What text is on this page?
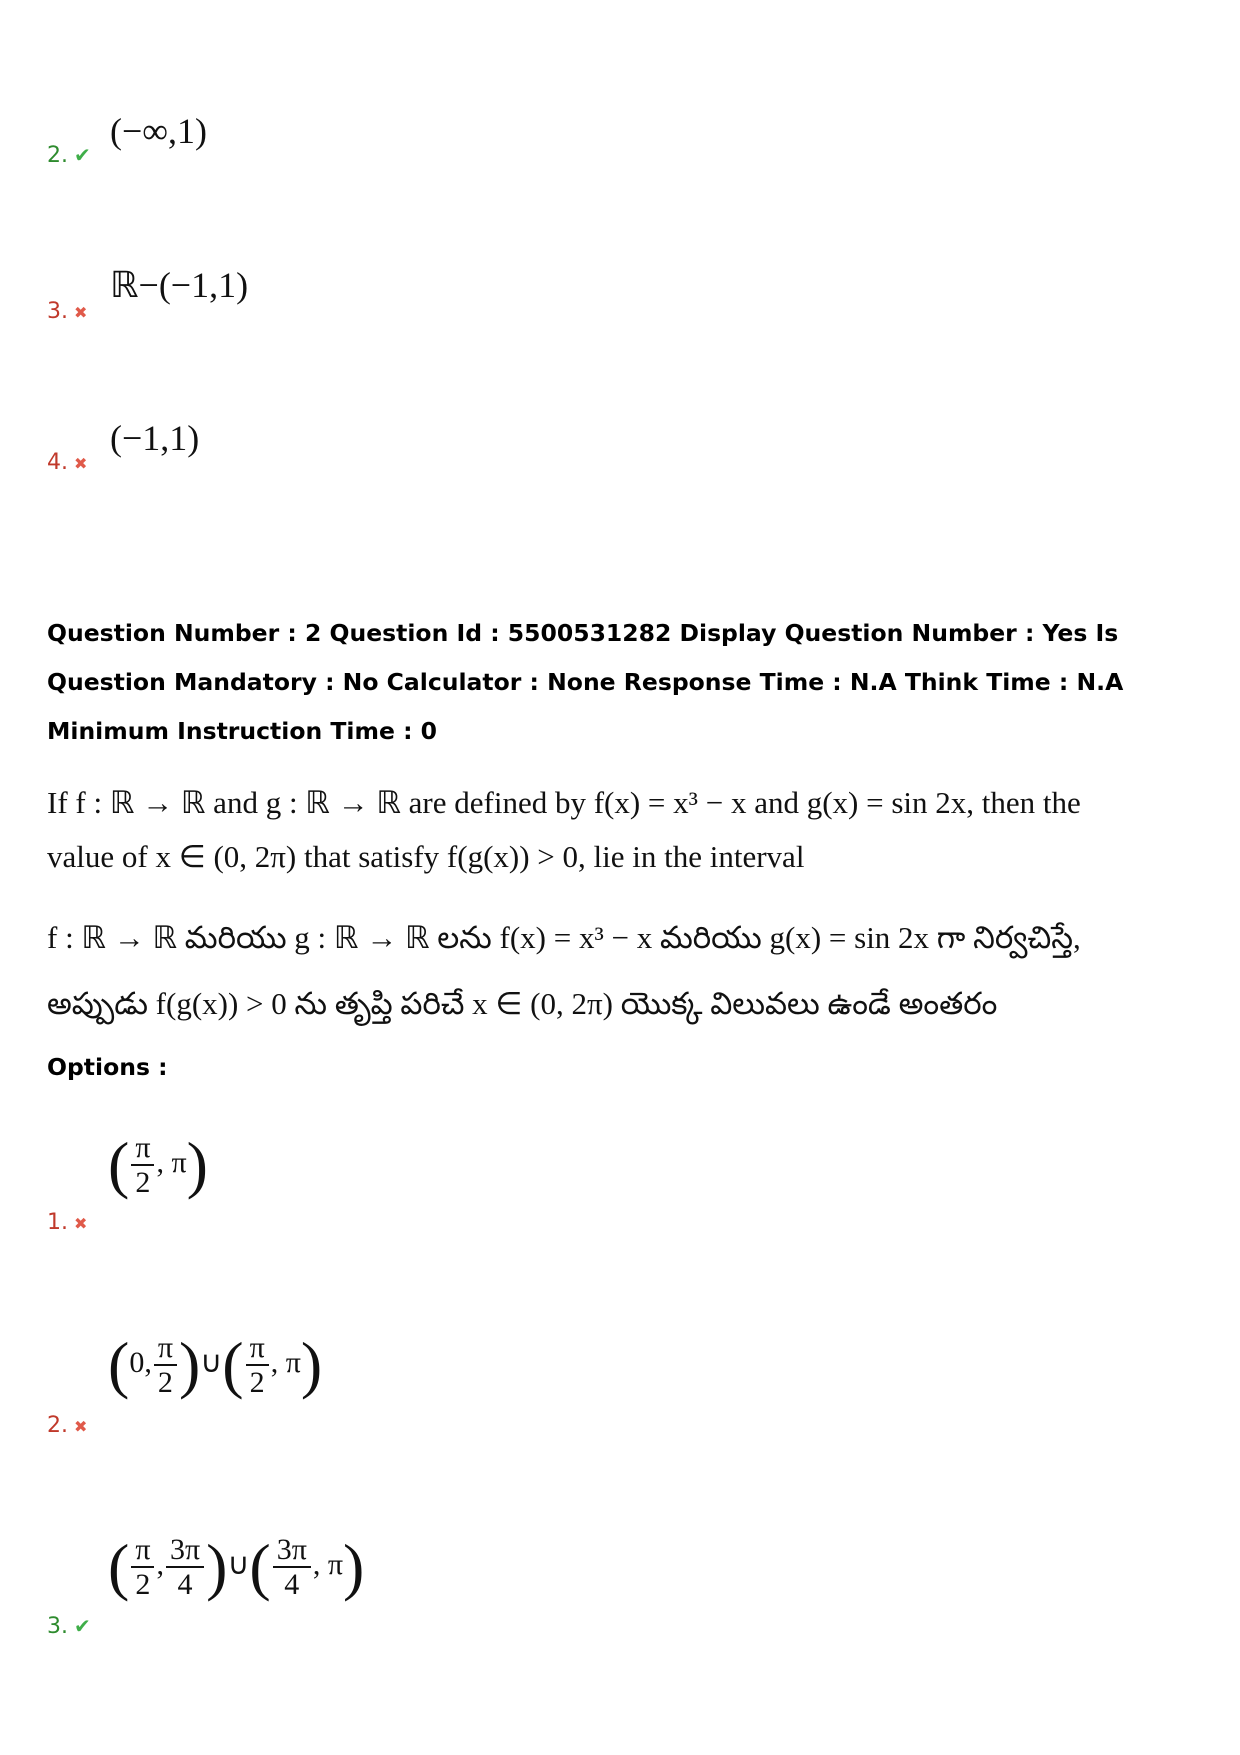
2. ✔
(−∞,1)
3. ✖
ℝ−(−1,1)
4. ✖
(−1,1)
Question Number : 2 Question Id : 5500531282 Display Question Number : Yes Is Question Mandatory : No Calculator : None Response Time : N.A Think Time : N.A Minimum Instruction Time : 0
If f : ℝ → ℝ and g : ℝ → ℝ are defined by f(x) = x³ − x and g(x) = sin 2x, then the
value of x ∈ (0, 2π) that satisfy f(g(x)) > 0, lie in the interval
f : ℝ → ℝ మరియు g : ℝ → ℝ లను f(x) = x³ − x మరియు g(x) = sin 2x గా నిర్వచిస్తే,
అప్పుడు f(g(x)) > 0 ను తృప్తి పరిచే x ∈ (0, 2π) యొక్క విలువలు ఉండే అంతరం
Options :
1. ✖
( $\frac{\pi}{2}$ , π)
2. ✖
(0, $\frac{\pi}{2}$ )∪( $\frac{\pi}{2}$ , π)
3. ✔
( $\frac{\pi}{2}$ , $\frac{3\pi}{4}$ )∪( $\frac{3\pi}{4}$ , π)
